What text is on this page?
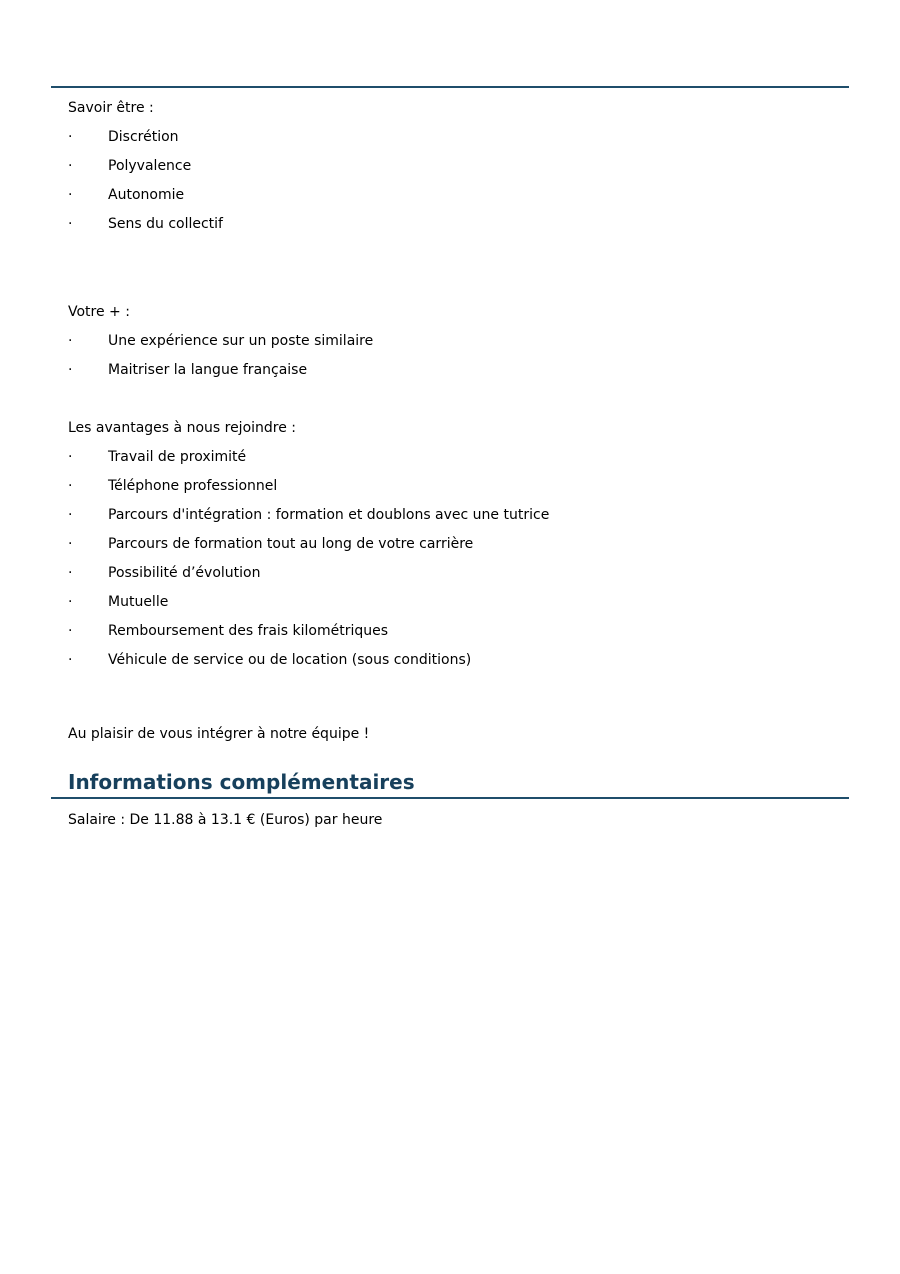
Savoir être :
·	Discrétion
·	Polyvalence
·	Autonomie
·	Sens du collectif
Votre + :
·	Une expérience sur un poste similaire
·	Maitriser la langue française
Les avantages à nous rejoindre :
·	Travail de proximité
·	Téléphone professionnel
·	Parcours d'intégration : formation et doublons avec une tutrice
·	Parcours de formation tout au long de votre carrière
·	Possibilité d’évolution
·	Mutuelle
·	Remboursement des frais kilométriques
·	Véhicule de service ou de location (sous conditions)
Au plaisir de vous intégrer à notre équipe !
Informations complémentaires
Salaire : De 11.88 à 13.1 € (Euros) par heure
